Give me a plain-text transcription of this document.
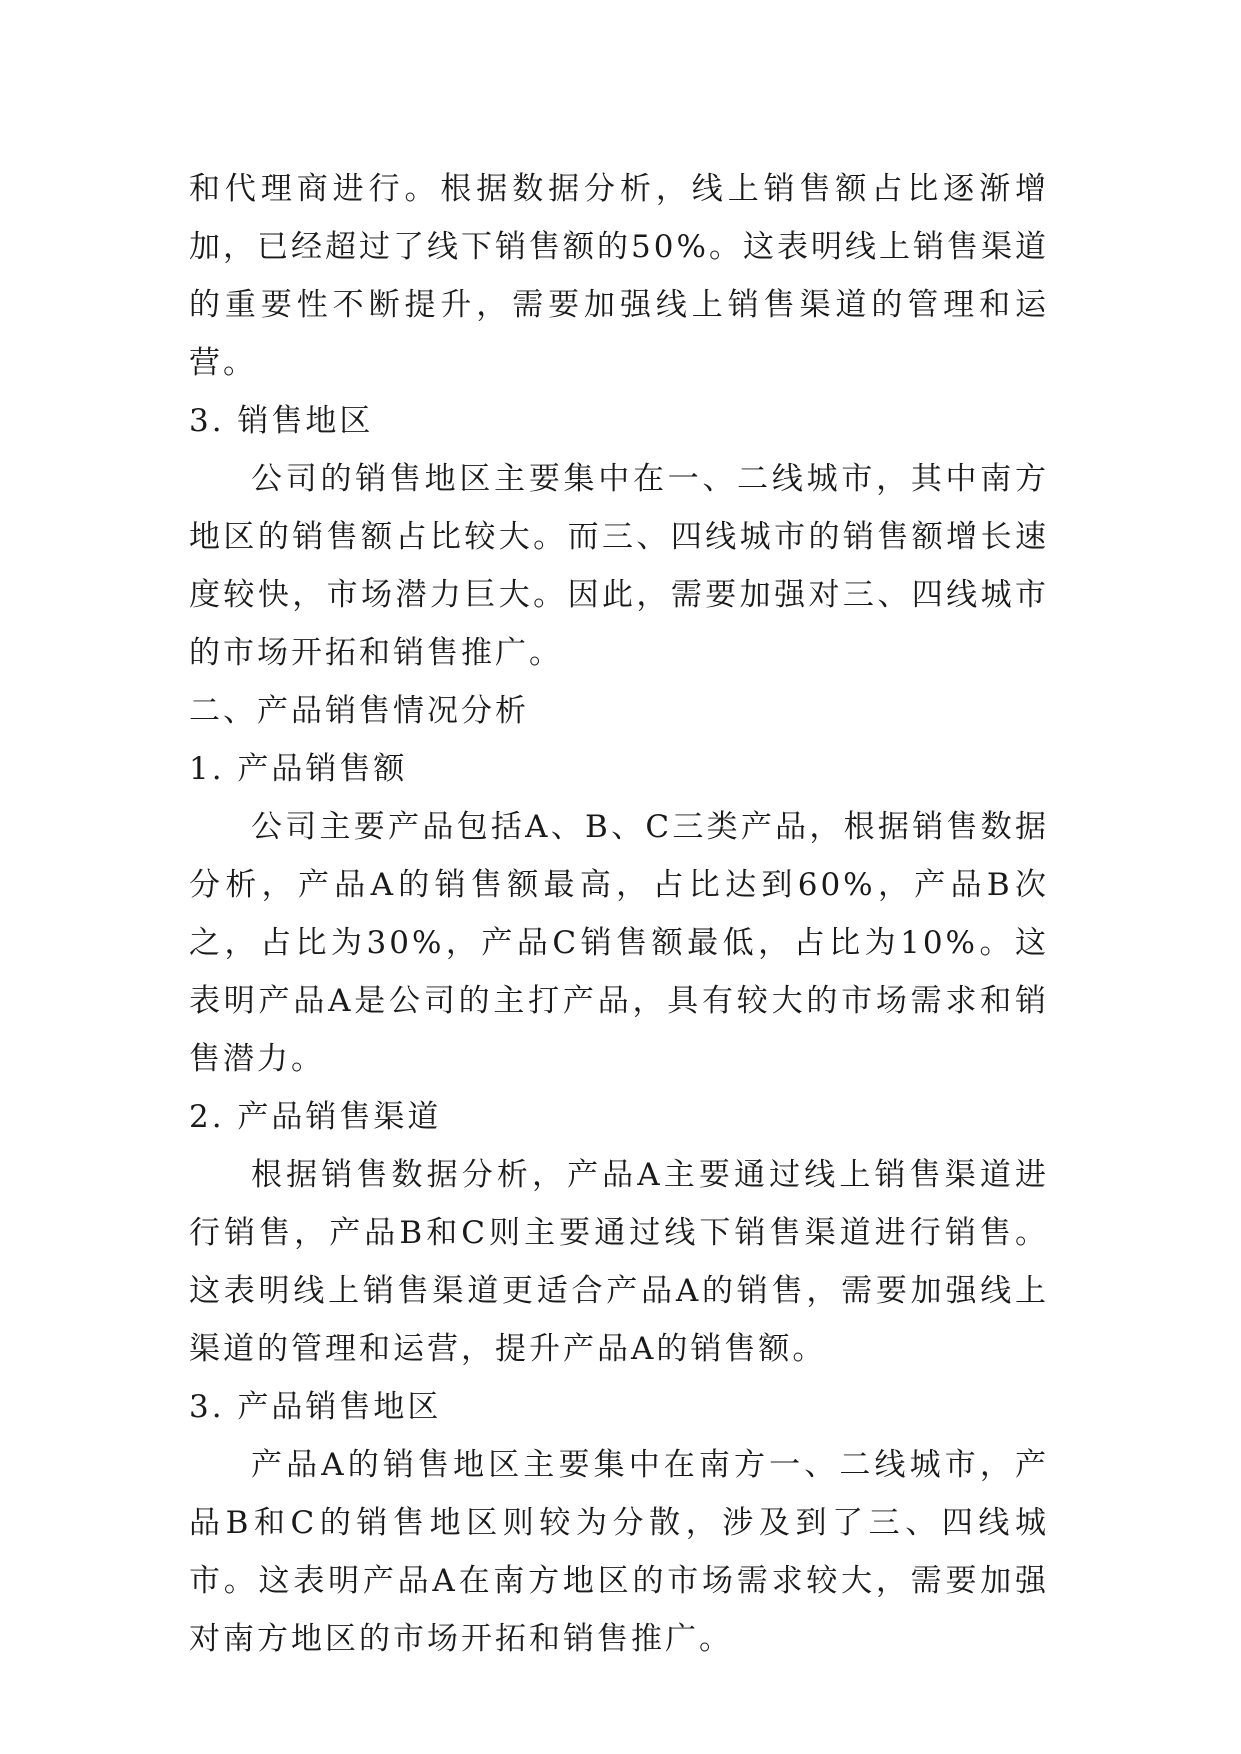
和代理商进行。根据数据分析，线上销售额占比逐渐增加，已经超过了线下销售额的50%。这表明线上销售渠道的重要性不断提升，需要加强线上销售渠道的管理和运营。

3. 销售地区

公司的销售地区主要集中在一、二线城市，其中南方地区的销售额占比较大。而三、四线城市的销售额增长速度较快，市场潜力巨大。因此，需要加强对三、四线城市的市场开拓和销售推广。

二、产品销售情况分析

1. 产品销售额

公司主要产品包括A、B、C三类产品，根据销售数据分析，产品A的销售额最高，占比达到60%，产品B次之，占比为30%，产品C销售额最低，占比为10%。这表明产品A是公司的主打产品，具有较大的市场需求和销售潜力。

2. 产品销售渠道

根据销售数据分析，产品A主要通过线上销售渠道进行销售，产品B和C则主要通过线下销售渠道进行销售。这表明线上销售渠道更适合产品A的销售，需要加强线上渠道的管理和运营，提升产品A的销售额。

3. 产品销售地区

产品A的销售地区主要集中在南方一、二线城市，产品B和C的销售地区则较为分散，涉及到了三、四线城市。这表明产品A在南方地区的市场需求较大，需要加强对南方地区的市场开拓和销售推广。
